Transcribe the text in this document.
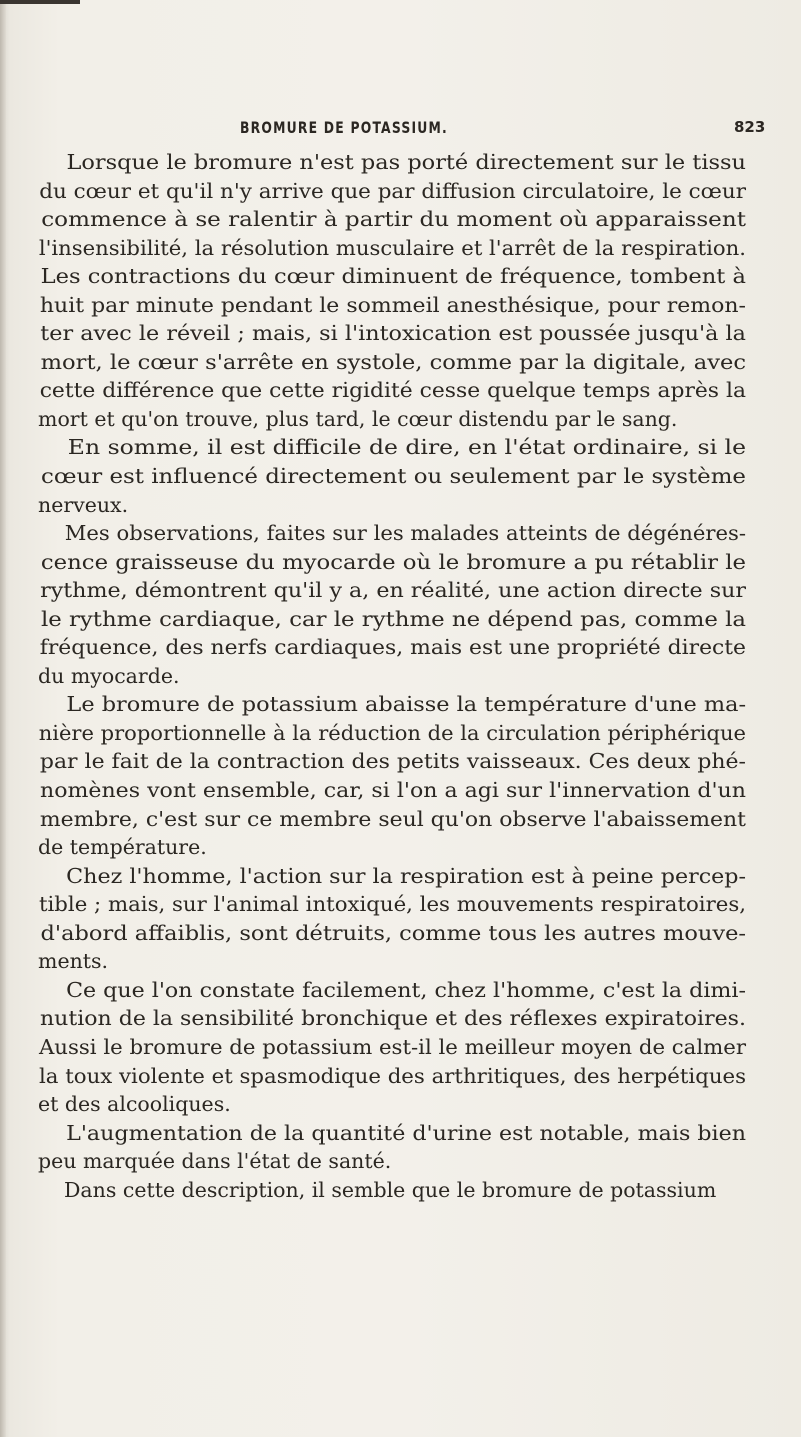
BROMURE DE POTASSIUM.	823

Lorsque le bromure n'est pas porté directement sur le tissu
du cœur et qu'il n'y arrive que par diffusion circulatoire, le cœur
commence à se ralentir à partir du moment où apparaissent
l'insensibilité, la résolution musculaire et l'arrêt de la respiration.
Les contractions du cœur diminuent de fréquence, tombent à
huit par minute pendant le sommeil anesthésique, pour remon-
ter avec le réveil ; mais, si l'intoxication est poussée jusqu'à la
mort, le cœur s'arrête en systole, comme par la digitale, avec
cette différence que cette rigidité cesse quelque temps après la
mort et qu'on trouve, plus tard, le cœur distendu par le sang.

En somme, il est difficile de dire, en l'état ordinaire, si le
cœur est influencé directement ou seulement par le système
nerveux.

Mes observations, faites sur les malades atteints de dégénéres-
cence graisseuse du myocarde où le bromure a pu rétablir le
rythme, démontrent qu'il y a, en réalité, une action directe sur
le rythme cardiaque, car le rythme ne dépend pas, comme la
fréquence, des nerfs cardiaques, mais est une propriété directe
du myocarde.

Le bromure de potassium abaisse la température d'une ma-
nière proportionnelle à la réduction de la circulation périphérique
par le fait de la contraction des petits vaisseaux. Ces deux phé-
nomènes vont ensemble, car, si l'on a agi sur l'innervation d'un
membre, c'est sur ce membre seul qu'on observe l'abaissement
de température.

Chez l'homme, l'action sur la respiration est à peine percep-
tible ; mais, sur l'animal intoxiqué, les mouvements respiratoires,
d'abord affaiblis, sont détruits, comme tous les autres mouve-
ments.

Ce que l'on constate facilement, chez l'homme, c'est la dimi-
nution de la sensibilité bronchique et des réflexes expiratoires.
Aussi le bromure de potassium est-il le meilleur moyen de calmer
la toux violente et spasmodique des arthritiques, des herpétiques
et des alcooliques.

L'augmentation de la quantité d'urine est notable, mais bien
peu marquée dans l'état de santé.

Dans cette description, il semble que le bromure de potassium
